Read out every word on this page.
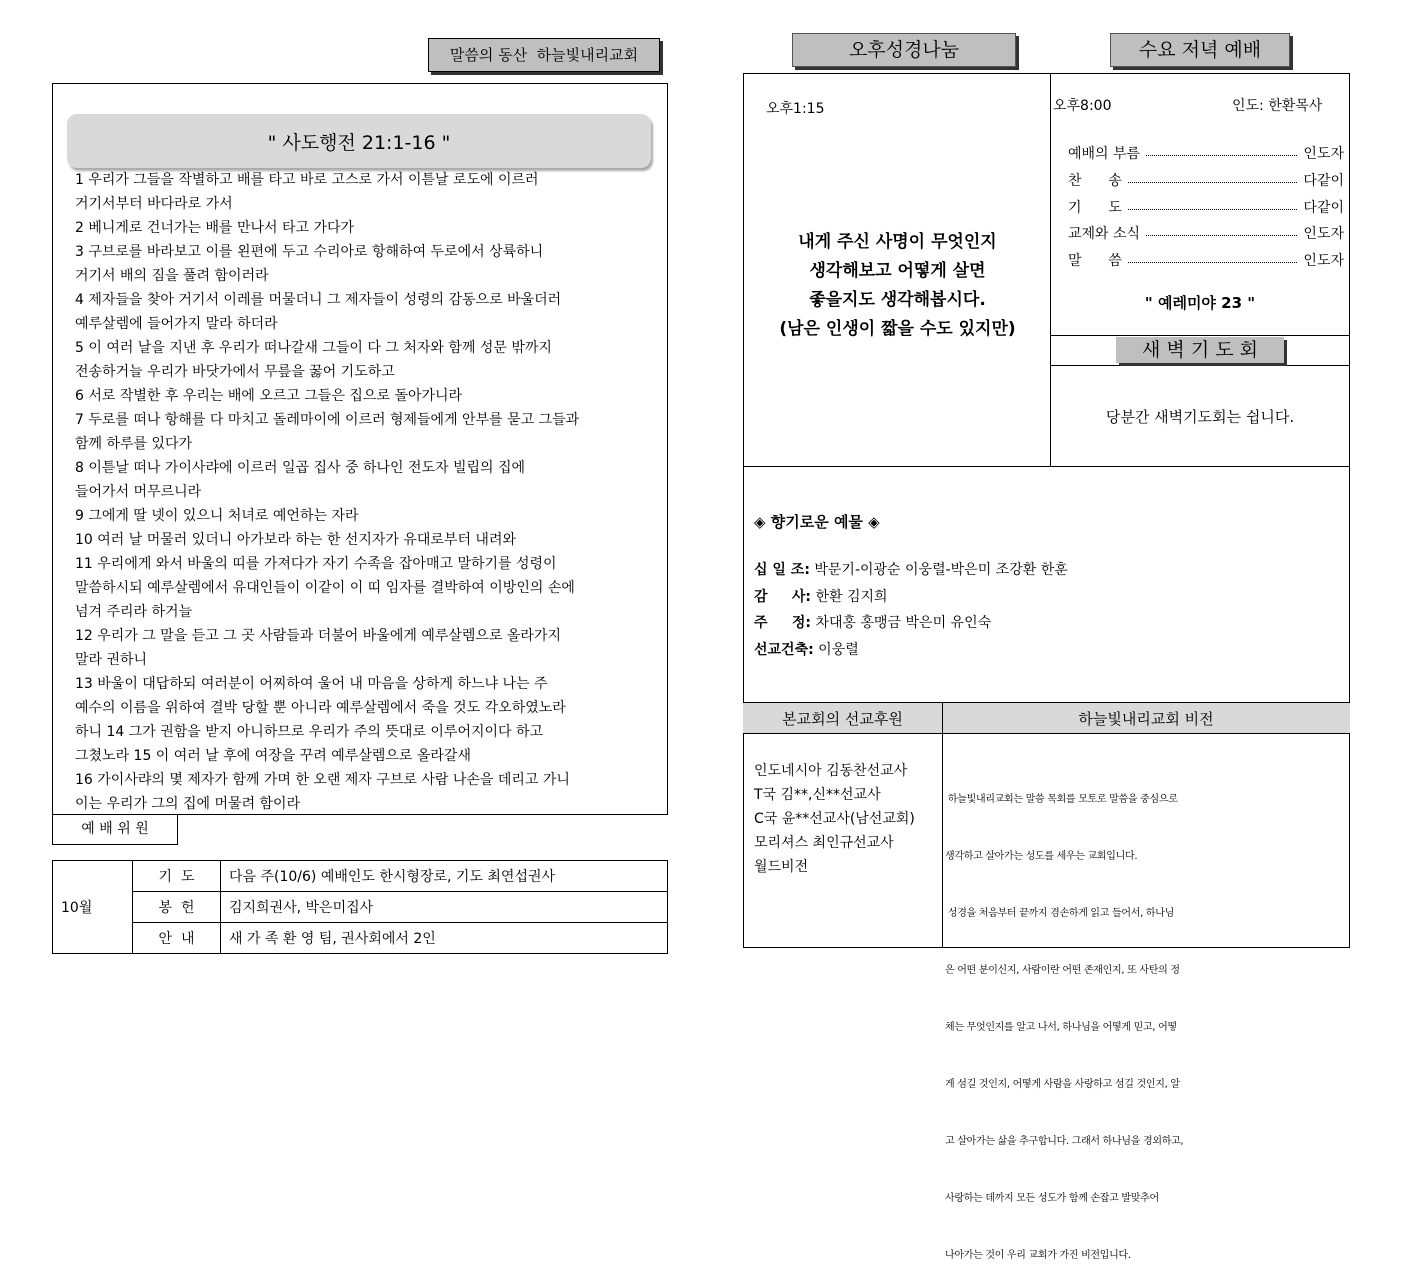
말씀의 동산  하늘빛내리교회
" 사도행전 21:1-16 "
1 우리가 그들을 작별하고 배를 타고 바로 고스로 가서 이튿날 로도에 이르러
거기서부터 바다라로 가서
2 베니게로 건너가는 배를 만나서 타고 가다가
3 구브로를 바라보고 이를 왼편에 두고 수리아로 항해하여 두로에서 상륙하니
거기서 배의 짐을 풀려 함이러라
4 제자들을 찾아 거기서 이레를 머물더니 그 제자들이 성령의 감동으로 바울더러
예루살렘에 들어가지 말라 하더라
5 이 여러 날을 지낸 후 우리가 떠나갈새 그들이 다 그 처자와 함께 성문 밖까지
전송하거늘 우리가 바닷가에서 무릎을 꿇어 기도하고
6 서로 작별한 후 우리는 배에 오르고 그들은 집으로 돌아가니라
7 두로를 떠나 항해를 다 마치고 돌레마이에 이르러 형제들에게 안부를 묻고 그들과
함께 하루를 있다가
8 이튿날 떠나 가이사랴에 이르러 일곱 집사 중 하나인 전도자 빌립의 집에
들어가서 머무르니라
9 그에게 딸 넷이 있으니 처녀로 예언하는 자라
10 여러 날 머물러 있더니 아가보라 하는 한 선지자가 유대로부터 내려와
11 우리에게 와서 바울의 띠를 가져다가 자기 수족을 잡아매고 말하기를 성령이
말씀하시되 예루살렘에서 유대인들이 이같이 이 띠 임자를 결박하여 이방인의 손에
넘겨 주리라 하거늘
12 우리가 그 말을 듣고 그 곳 사람들과 더불어 바울에게 예루살렘으로 올라가지
말라 권하니
13 바울이 대답하되 여러분이 어찌하여 울어 내 마음을 상하게 하느냐 나는 주
예수의 이름을 위하여 결박 당할 뿐 아니라 예루살렘에서 죽을 것도 각오하였노라
하니 14 그가 권함을 받지 아니하므로 우리가 주의 뜻대로 이루어지이다 하고
그쳤노라 15 이 여러 날 후에 여장을 꾸려 예루살렘으로 올라갈새
16 가이사랴의 몇 제자가 함께 가며 한 오랜 제자 구브로 사람 나손을 데리고 가니
이는 우리가 그의 집에 머물려 함이라
예 배 위 원
10월	기  도	다음 주(10/6) 예배인도 한시형장로, 기도 최연섭권사
	봉  헌	김지희권사, 박은미집사
	안  내	새 가 족 환 영 팀, 권사회에서 2인
오후성경나눔	수요 저녁 예배
오후1:15
내게 주신 사명이 무엇인지
생각해보고 어떻게 살면
좋을지도 생각해봅시다.
(남은 인생이 짧을 수도 있지만)
오후8:00	인도: 한환목사
예배의 부름	인도자
찬      송	다같이
기      도	다같이
교제와 소식	인도자
말      씀	인도자
" 예레미야 23 "
새 벽 기 도 회
당분간 새벽기도회는 쉽니다.
◈ 향기로운 예물 ◈
십 일 조: 박문기-이광순 이웅렬-박은미 조강환 한훈
감     사: 한환 김지희
주     정: 차대홍 홍맹금 박은미 유인숙
선교건축: 이웅렬
본교회의 선교후원	하늘빛내리교회 비전
인도네시아 김동찬선교사
T국 김**,신**선교사
C국 윤**선교사(남선교회)
모리셔스 최인규선교사
월드비전

하늘빛내리교회는 말씀 목회를 모토로 말씀을 중심으로

생각하고 살아가는 성도를 세우는 교회입니다.

성경을 처음부터 끝까지 겸손하게 읽고 들어서, 하나님

은 어떤 분이신지, 사람이란 어떤 존재인지, 또 사탄의 정

체는 무엇인지를 알고 나서, 하나님을 어떻게 믿고, 어떻

게 섬길 것인지, 어떻게 사람을 사랑하고 섬길 것인지, 알

고 살아가는 삶을 추구합니다. 그래서 하나님을 경외하고,

사랑하는 데까지 모든 성도가 함께 손잡고 발맞추어

나아가는 것이 우리 교회가 가진 비전입니다.
